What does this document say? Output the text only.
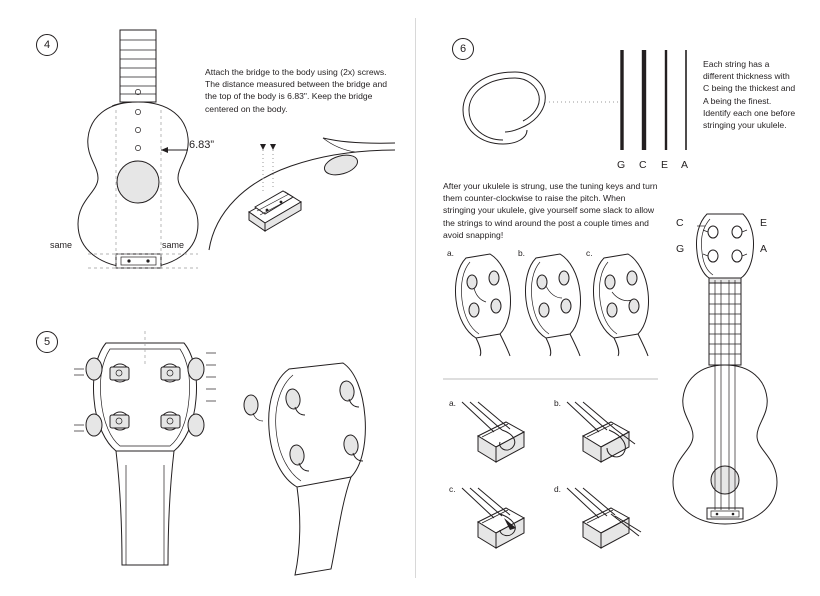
4
Attach the bridge to the body using (2x) screws. The distance measured between the bridge and the top of the body is 6.83". Keep the bridge centered on the body.
6.83”
same	same
5
6
G C E A
Each string has a different thickness with C being the thickest and A being the finest. Identify each one before stringing your ukulele.
After your ukulele is strung, use the tuning keys and turn them counter-clockwise to raise the pitch. When stringing your ukulele, give yourself some slack to allow the strings to wind around the post a couple times and avoid snapping!
a.	b.	c.
a.	b.
c.	d.
C	E
G	A
